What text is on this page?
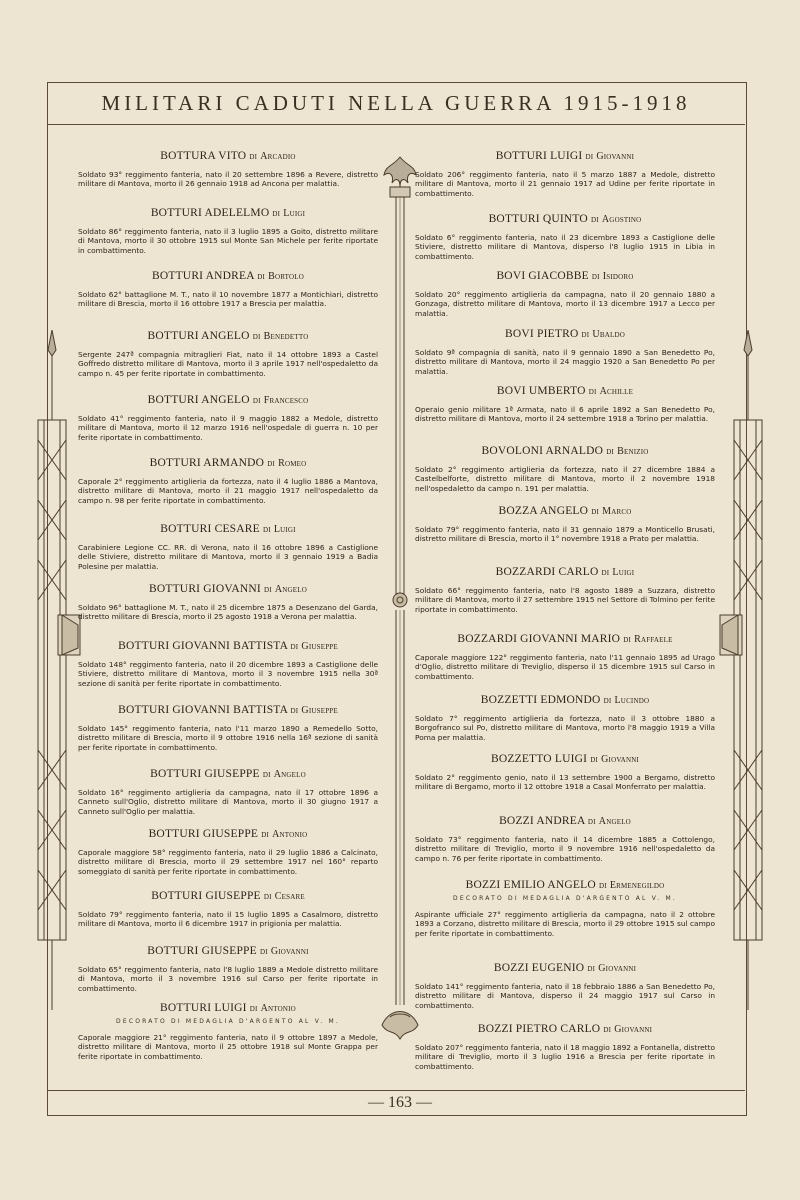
MILITARI CADUTI NELLA GUERRA 1915-1918
— 163 —
BOTTURA VITO di Arcadio
Soldato 93° reggimento fanteria, nato il 20 settembre 1896 a Revere, distretto militare di Mantova, morto il 26 gennaio 1918 ad Ancona per malattia.
BOTTURI ADELELMO di Luigi
Soldato 86° reggimento fanteria, nato il 3 luglio 1895 a Goito, distretto militare di Mantova, morto il 30 ottobre 1915 sul Monte San Michele per ferite riportate in combattimento.
BOTTURI ANDREA di Bortolo
Soldato 62° battaglione M. T., nato il 10 novembre 1877 a Montichiari, distretto militare di Brescia, morto il 16 ottobre 1917 a Brescia per malattia.
BOTTURI ANGELO di Benedetto
Sergente 247ª compagnia mitraglieri Fiat, nato il 14 ottobre 1893 a Castel Goffredo distretto militare di Mantova, morto il 3 aprile 1917 nell'ospedaletto da campo n. 45 per ferite riportate in combattimento.
BOTTURI ANGELO di Francesco
Soldato 41° reggimento fanteria, nato il 9 maggio 1882 a Medole, distretto militare di Mantova, morto il 12 marzo 1916 nell'ospedale di guerra n. 10 per ferite riportate in combattimento.
BOTTURI ARMANDO di Romeo
Caporale 2° reggimento artiglieria da fortezza, nato il 4 luglio 1886 a Mantova, distretto militare di Mantova, morto il 21 maggio 1917 nell'ospedaletto da campo n. 98 per ferite riportate in combattimento.
BOTTURI CESARE di Luigi
Carabiniere Legione CC. RR. di Verona, nato il 16 ottobre 1896 a Castiglione delle Stiviere, distretto militare di Mantova, morto il 3 gennaio 1919 a Badia Polesine per malattia.
BOTTURI GIOVANNI di Angelo
Soldato 96° battaglione M. T., nato il 25 dicembre 1875 a Desenzano del Garda, distretto militare di Brescia, morto il 25 agosto 1918 a Verona per malattia.
BOTTURI GIOVANNI BATTISTA di Giuseppe
Soldato 148° reggimento fanteria, nato il 20 dicembre 1893 a Castiglione delle Stiviere, distretto militare di Mantova, morto il 3 novembre 1915 nella 30ª sezione di sanità per ferite riportate in combattimento.
BOTTURI GIOVANNI BATTISTA di Giuseppe
Soldato 145° reggimento fanteria, nato l'11 marzo 1890 a Remedello Sotto, distretto militare di Brescia, morto il 9 ottobre 1916 nella 16ª sezione di sanità per ferite riportate in combattimento.
BOTTURI GIUSEPPE di Angelo
Soldato 16° reggimento artiglieria da campagna, nato il 17 ottobre 1896 a Canneto sull'Oglio, distretto militare di Mantova, morto il 30 giugno 1917 a Canneto sull'Oglio per malattia.
BOTTURI GIUSEPPE di Antonio
Caporale maggiore 58° reggimento fanteria, nato il 29 luglio 1886 a Calcinato, distretto militare di Brescia, morto il 29 settembre 1917 nel 160° reparto someggiato di sanità per ferite riportate in combattimento.
BOTTURI GIUSEPPE di Cesare
Soldato 79° reggimento fanteria, nato il 15 luglio 1895 a Casalmoro, distretto militare di Mantova, morto il 6 dicembre 1917 in prigionia per malattia.
BOTTURI GIUSEPPE di Giovanni
Soldato 65° reggimento fanteria, nato l'8 luglio 1889 a Medole distretto militare di Mantova, morto il 3 novembre 1916 sul Carso per ferite riportate in combattimento.
BOTTURI LUIGI di Antonio
DECORATO DI MEDAGLIA D'ARGENTO AL V. M.
Caporale maggiore 21° reggimento fanteria, nato il 9 ottobre 1897 a Medole, distretto militare di Mantova, morto il 25 ottobre 1918 sul Monte Grappa per ferite riportate in combattimento.
BOTTURI LUIGI di Giovanni
Soldato 206° reggimento fanteria, nato il 5 marzo 1887 a Medole, distretto militare di Mantova, morto il 21 gennaio 1917 ad Udine per ferite riportate in combattimento.
BOTTURI QUINTO di Agostino
Soldato 6° reggimento fanteria, nato il 23 dicembre 1893 a Castiglione delle Stiviere, distretto militare di Mantova, disperso l'8 luglio 1915 in Libia in combattimento.
BOVI GIACOBBE di Isidoro
Soldato 20° reggimento artiglieria da campagna, nato il 20 gennaio 1880 a Gonzaga, distretto militare di Mantova, morto il 13 dicembre 1917 a Lecco per malattia.
BOVI PIETRO di Ubaldo
Soldato 9ª compagnia di sanità, nato il 9 gennaio 1890 a San Benedetto Po, distretto militare di Mantova, morto il 24 maggio 1920 a San Benedetto Po per malattia.
BOVI UMBERTO di Achille
Operaio genio militare 1ª Armata, nato il 6 aprile 1892 a San Benedetto Po, distretto militare di Mantova, morto il 24 settembre 1918 a Torino per malattia.
BOVOLONI ARNALDO di Benizio
Soldato 2° reggimento artiglieria da fortezza, nato il 27 dicembre 1884 a Castelbelforte, distretto militare di Mantova, morto il 2 novembre 1918 nell'ospedaletto da campo n. 191 per malattia.
BOZZA ANGELO di Marco
Soldato 79° reggimento fanteria, nato il 31 gennaio 1879 a Monticello Brusati, distretto militare di Brescia, morto il 1° novembre 1918 a Prato per malattia.
BOZZARDI CARLO di Luigi
Soldato 66° reggimento fanteria, nato l'8 agosto 1889 a Suzzara, distretto militare di Mantova, morto il 27 settembre 1915 nel Settore di Tolmino per ferite riportate in combattimento.
BOZZARDI GIOVANNI MARIO di Raffaele
Caporale maggiore 122° reggimento fanteria, nato l'11 gennaio 1895 ad Urago d'Oglio, distretto militare di Treviglio, disperso il 15 dicembre 1915 sul Carso in combattimento.
BOZZETTI EDMONDO di Lucindo
Soldato 7° reggimento artiglieria da fortezza, nato il 3 ottobre 1880 a Borgofranco sul Po, distretto militare di Mantova, morto l'8 maggio 1919 a Villa Poma per malattia.
BOZZETTO LUIGI di Giovanni
Soldato 2° reggimento genio, nato il 13 settembre 1900 a Bergamo, distretto militare di Bergamo, morto il 12 ottobre 1918 a Casal Monferrato per malattia.
BOZZI ANDREA di Angelo
Soldato 73° reggimento fanteria, nato il 14 dicembre 1885 a Cottolengo, distretto militare di Treviglio, morto il 9 novembre 1916 nell'ospedaletto da campo n. 76 per ferite riportate in combattimento.
BOZZI EMILIO ANGELO di Ermenegildo
DECORATO DI MEDAGLIA D'ARGENTO AL V. M.
Aspirante ufficiale 27° reggimento artiglieria da campagna, nato il 2 ottobre 1893 a Corzano, distretto militare di Brescia, morto il 29 ottobre 1915 sul campo per ferite riportate in combattimento.
BOZZI EUGENIO di Giovanni
Soldato 141° reggimento fanteria, nato il 18 febbraio 1886 a San Benedetto Po, distretto militare di Mantova, disperso il 24 maggio 1917 sul Carso in combattimento.
BOZZI PIETRO CARLO di Giovanni
Soldato 207° reggimento fanteria, nato il 18 maggio 1892 a Fontanella, distretto militare di Treviglio, morto il 3 luglio 1916 a Brescia per ferite riportate in combattimento.
